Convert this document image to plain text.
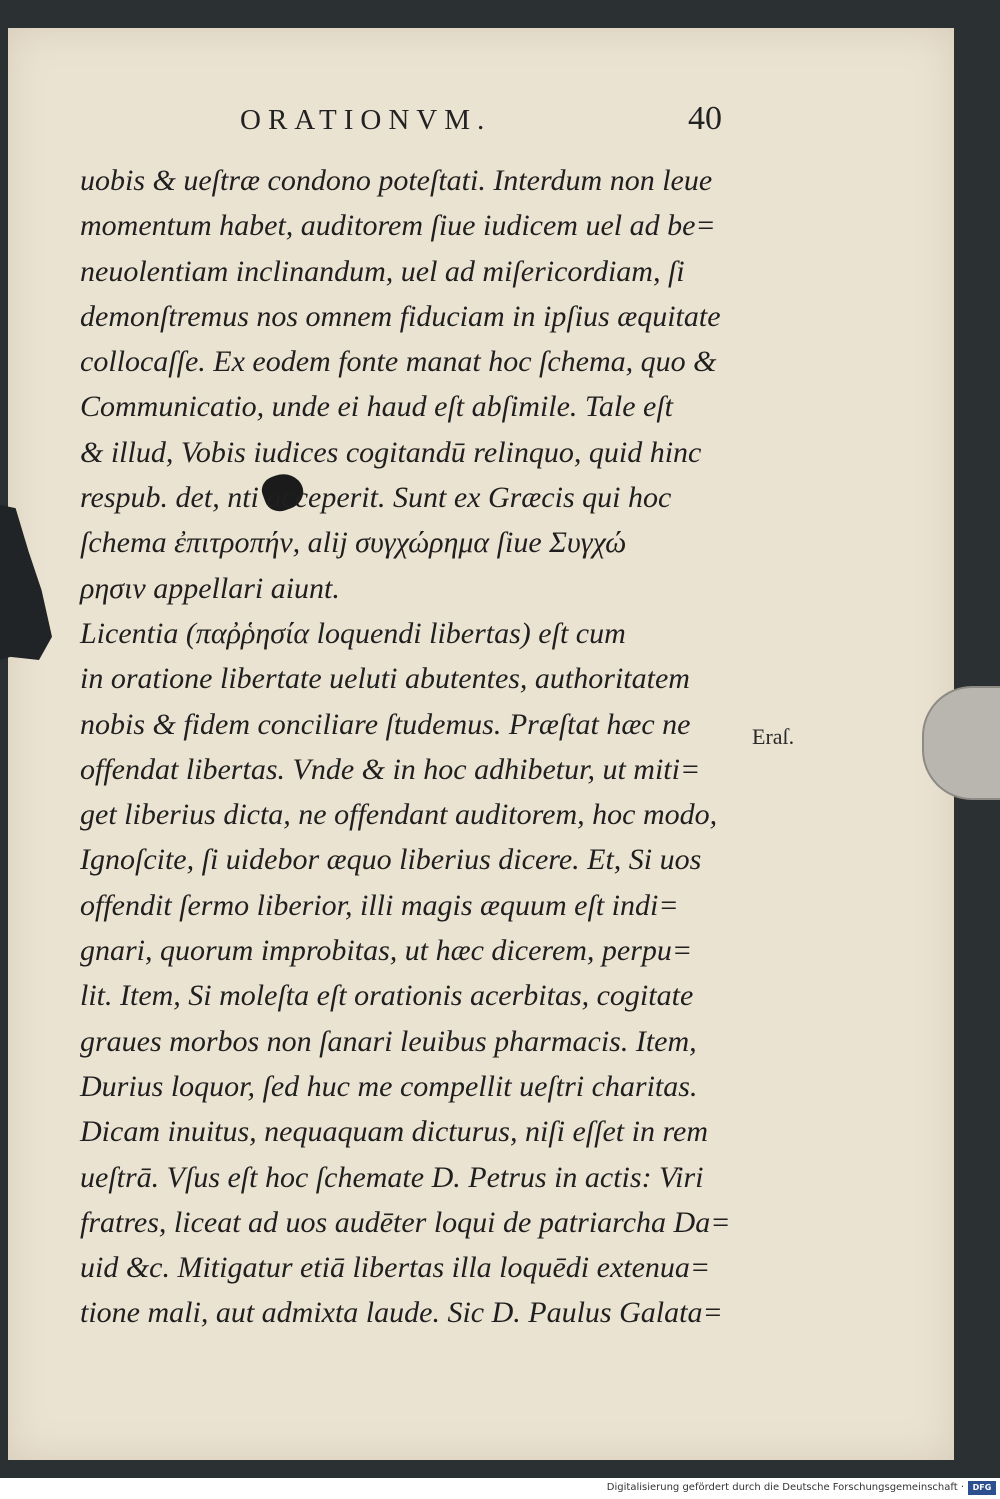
ORATIONVM.	40
uobis & ueſtræ condono poteſtati. Interdum non leue
momentum habet, auditorem ſiue iudicem uel ad be=
neuolentiam inclinandum, uel ad miſericordiam, ſi
demonſtremus nos omnem fiduciam in ipſius æquitate
collocaſſe. Ex eodem fonte manat hoc ſchema, quo &
Communicatio, unde ei haud eſt abſimile. Tale eſt
& illud, Vobis iudices cogitandū relinquo, quid hinc
respub. det, nti acceperit. Sunt ex Græcis qui hoc
ſchema ἐπιτροπήν, alij συγχώρημα ſiue Συγχώ
ρησιν appellari aiunt.
Licentia (παῤῥησία loquendi libertas) eſt cum
in oratione libertate ueluti abutentes, authoritatem
nobis & fidem conciliare ſtudemus. Præſtat hæc ne
offendat libertas. Vnde & in hoc adhibetur, ut miti=
get liberius dicta, ne offendant auditorem, hoc modo,
Ignoſcite, ſi uidebor æquo liberius dicere. Et, Si uos
offendit ſermo liberior, illi magis æquum eſt indi=
gnari, quorum improbitas, ut hæc dicerem, perpu=
lit. Item, Si moleſta eſt orationis acerbitas, cogitate
graues morbos non ſanari leuibus pharmacis. Item,
Durius loquor, ſed huc me compellit ueſtri charitas.
Dicam inuitus, nequaquam dicturus, niſi eſſet in rem
ueſtrā. Vſus eſt hoc ſchemate D. Petrus in actis: Viri
fratres, liceat ad uos audēter loqui de patriarcha Da=
uid &c. Mitigatur etiā libertas illa loquēdi extenua=
tione mali, aut admixta laude. Sic D. Paulus Galata=
Eraſ.
Digitalisierung gefördert durch die Deutsche Forschungsgemeinschaft ·	DFG
